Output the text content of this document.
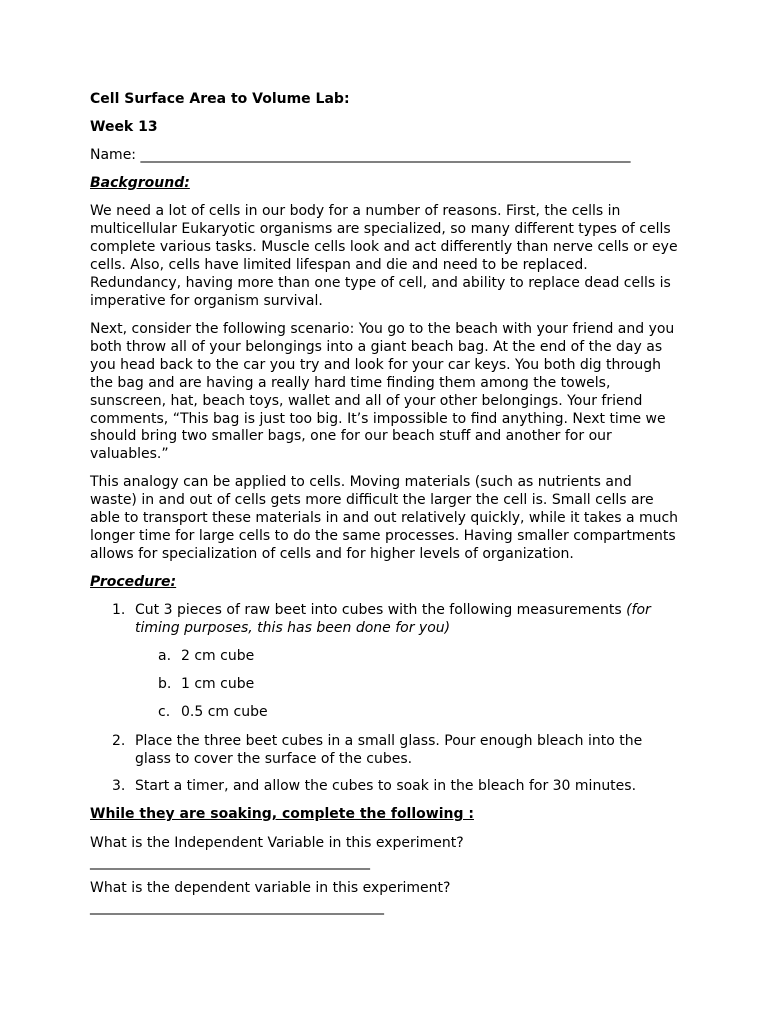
Cell Surface Area to Volume Lab:
Week 13
Name: ______________________________________________________________________
Background:

We need a lot of cells in our body for a number of reasons. First, the cells in multicellular Eukaryotic organisms are specialized, so many different types of cells complete various tasks. Muscle cells look and act differently than nerve cells or eye cells. Also, cells have limited lifespan and die and need to be replaced. Redundancy, having more than one type of cell, and ability to replace dead cells is imperative for organism survival.

Next, consider the following scenario: You go to the beach with your friend and you both throw all of your belongings into a giant beach bag. At the end of the day as you head back to the car you try and look for your car keys. You both dig through the bag and are having a really hard time finding them among the towels, sunscreen, hat, beach toys, wallet and all of your other belongings. Your friend comments, “This bag is just too big. It’s impossible to find anything. Next time we should bring two smaller bags, one for our beach stuff and another for our valuables.”

This analogy can be applied to cells. Moving materials (such as nutrients and waste) in and out of cells gets more difficult the larger the cell is. Small cells are able to transport these materials in and out relatively quickly, while it takes a much longer time for large cells to do the same processes. Having smaller compartments allows for specialization of cells and for higher levels of organization.

Procedure:
1. Cut 3 pieces of raw beet into cubes with the following measurements (for timing purposes, this has been done for you)
a. 2 cm cube
b. 1 cm cube
c. 0.5 cm cube
2. Place the three beet cubes in a small glass. Pour enough bleach into the glass to cover the surface of the cubes.
3. Start a timer, and allow the cubes to soak in the bleach for 30 minutes.
While they are soaking, complete the following :
What is the Independent Variable in this experiment?
________________________________________
What is the dependent variable in this experiment?
__________________________________________
